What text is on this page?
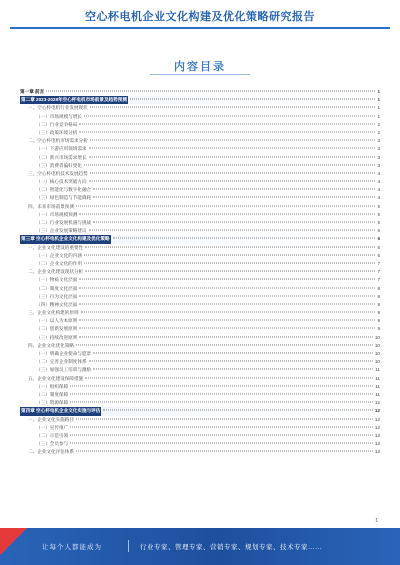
空心杯电机企业文化构建及优化策略研究报告
内容目录
第一章 前言	1
第二章 2023-2028年空心杯电机市场前景及趋势预测	1
一、空心杯电机行业发展现状	1
（一）市场规模与增长	1
（二）行业竞争格局	2
（三）政策环境分析	2
二、空心杯电机市场需求分析	3
（一）下游应用领域需求	3
（二）新兴市场需求增长	3
（三）消费者偏好变化	3
三、空心杯电机技术发展趋势	4
（一）核心技术突破方向	4
（二）智能化与数字化融合	4
（三）绿色制造与节能降耗	4
四、未来市场前景预测	5
（一）市场规模预测	5
（二）行业发展机遇与挑战	5
（三）企业发展策略建议	6
第三章 空心杯电机企业文化构建及优化策略	6
一、企业文化建设的重要性	6
（一）企业文化的内涵	6
（二）企业文化的作用	7
二、企业文化建设现状分析	7
（一）物质文化层面	7
（二）制度文化层面	8
（三）行为文化层面	8
（四）精神文化层面	8
三、企业文化构建的原则	9
（一）以人为本原则	9
（二）创新发展原则	9
（三）持续改进原则	10
四、企业文化优化策略	10
（一）明确企业使命与愿景	10
（二）完善企业制度体系	10
（三）加强员工培训与激励	11
五、企业文化建设保障措施	11
（一）组织保障	11
（二）制度保障	11
（三）资源保障	12
第四章 空心杯电机企业文化实施与评估	12
一、企业文化实施路径	12
（一）宣传推广	12
（二）示范引领	13
（三）全员参与	13
二、企业文化评估体系	13
1
让每个人都能成为	行业专家、管理专家、营销专家、规划专家、技术专家……
